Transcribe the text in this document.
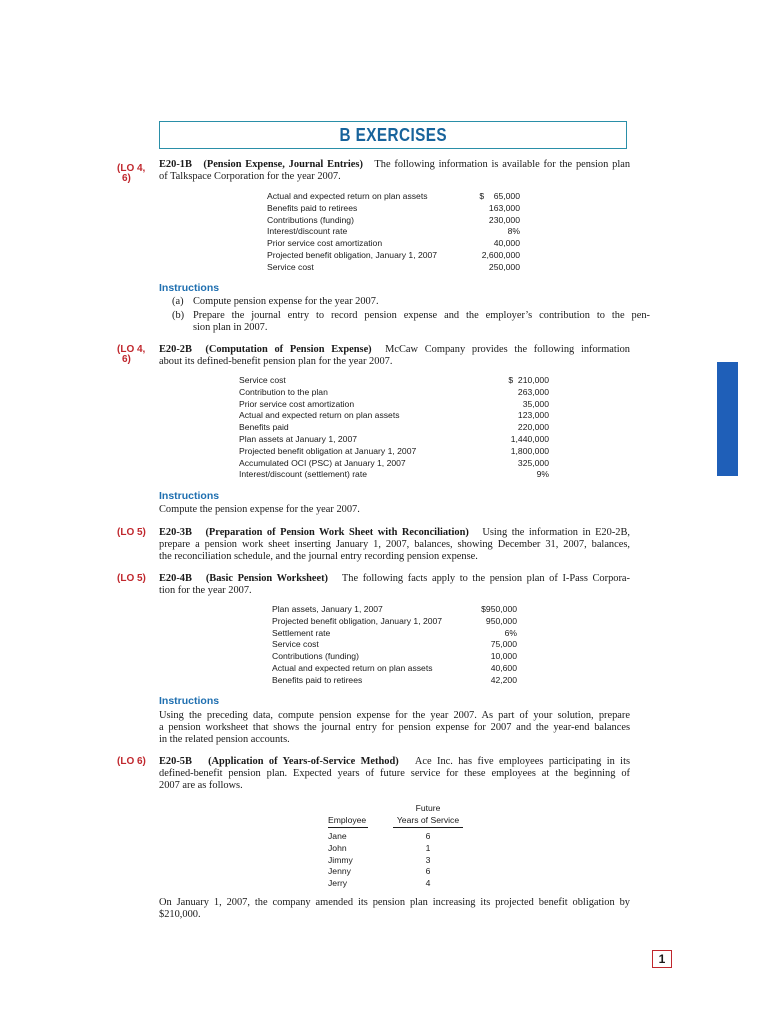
B EXERCISES
(LO 4,
6)
E20-1B (Pension Expense, Journal Entries) The following information is available for the pension plan
of Talkspace Corporation for the year 2007.
Actual and expected return on plan assets	$    65,000
Benefits paid to retirees	163,000
Contributions (funding)	230,000
Interest/discount rate	8%
Prior service cost amortization	40,000
Projected benefit obligation, January 1, 2007	2,600,000
Service cost	250,000
Instructions
(a) Compute pension expense for the year 2007.
(b) Prepare the journal entry to record pension expense and the employer’s contribution to the pen-
sion plan in 2007.
(LO 4,
6)
E20-2B (Computation of Pension Expense) McCaw Company provides the following information
about its defined-benefit pension plan for the year 2007.
Service cost	$  210,000
Contribution to the plan	263,000
Prior service cost amortization	35,000
Actual and expected return on plan assets	123,000
Benefits paid	220,000
Plan assets at January 1, 2007	1,440,000
Projected benefit obligation at January 1, 2007	1,800,000
Accumulated OCI (PSC) at January 1, 2007	325,000
Interest/discount (settlement) rate	9%
Instructions
Compute the pension expense for the year 2007.
(LO 5) E20-3B (Preparation of Pension Work Sheet with Reconciliation) Using the information in E20-2B,
prepare a pension work sheet inserting January 1, 2007, balances, showing December 31, 2007, balances,
the reconciliation schedule, and the journal entry recording pension expense.
(LO 5) E20-4B (Basic Pension Worksheet) The following facts apply to the pension plan of I-Pass Corpora-
tion for the year 2007.
Plan assets, January 1, 2007	$950,000
Projected benefit obligation, January 1, 2007	950,000
Settlement rate	6%
Service cost	75,000
Contributions (funding)	10,000
Actual and expected return on plan assets	40,600
Benefits paid to retirees	42,200
Instructions
Using the preceding data, compute pension expense for the year 2007. As part of your solution, prepare
a pension worksheet that shows the journal entry for pension expense for 2007 and the year-end balances
in the related pension accounts.
(LO 6) E20-5B (Application of Years-of-Service Method) Ace Inc. has five employees participating in its
defined-benefit pension plan. Expected years of future service for these employees at the beginning of
2007 are as follows.
Future
Employee	Years of Service
Jane	6
John	1
Jimmy	3
Jenny	6
Jerry	4
On January 1, 2007, the company amended its pension plan increasing its projected benefit obligation by
$210,000.
1
